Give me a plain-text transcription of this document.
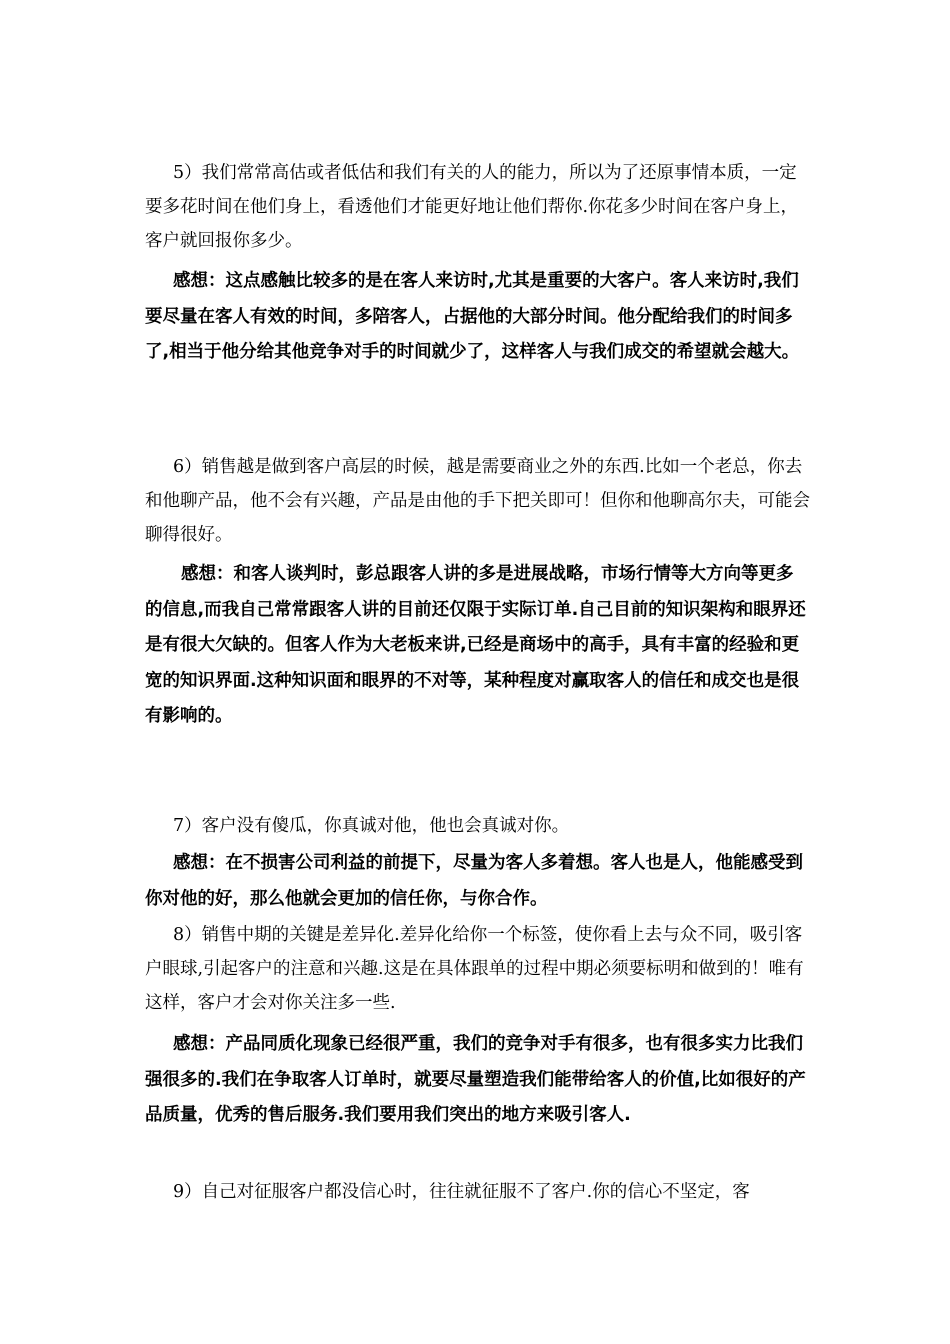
5）我们常常高估或者低估和我们有关的人的能力，所以为了还原事情本质，一定要多花时间在他们身上，看透他们才能更好地让他们帮你.你花多少时间在客户身上，客户就回报你多少。

感想：这点感触比较多的是在客人来访时,尤其是重要的大客户。客人来访时,我们要尽量在客人有效的时间，多陪客人，占据他的大部分时间。他分配给我们的时间多了,相当于他分给其他竞争对手的时间就少了，这样客人与我们成交的希望就会越大。

6）销售越是做到客户高层的时候，越是需要商业之外的东西.比如一个老总，你去和他聊产品，他不会有兴趣，产品是由他的手下把关即可！但你和他聊高尔夫，可能会聊得很好。

感想：和客人谈判时，彭总跟客人讲的多是进展战略，市场行情等大方向等更多的信息,而我自己常常跟客人讲的目前还仅限于实际订单.自己目前的知识架构和眼界还是有很大欠缺的。但客人作为大老板来讲,已经是商场中的高手，具有丰富的经验和更宽的知识界面.这种知识面和眼界的不对等，某种程度对赢取客人的信任和成交也是很有影响的。

7）客户没有傻瓜，你真诚对他，他也会真诚对你。

感想：在不损害公司利益的前提下，尽量为客人多着想。客人也是人，他能感受到你对他的好，那么他就会更加的信任你，与你合作。

8）销售中期的关键是差异化.差异化给你一个标签，使你看上去与众不同，吸引客户眼球,引起客户的注意和兴趣.这是在具体跟单的过程中期必须要标明和做到的！唯有这样，客户才会对你关注多一些.

感想：产品同质化现象已经很严重，我们的竞争对手有很多，也有很多实力比我们强很多的.我们在争取客人订单时，就要尽量塑造我们能带给客人的价值,比如很好的产品质量，优秀的售后服务.我们要用我们突出的地方来吸引客人.

9）自己对征服客户都没信心时，往往就征服不了客户.你的信心不坚定，客
